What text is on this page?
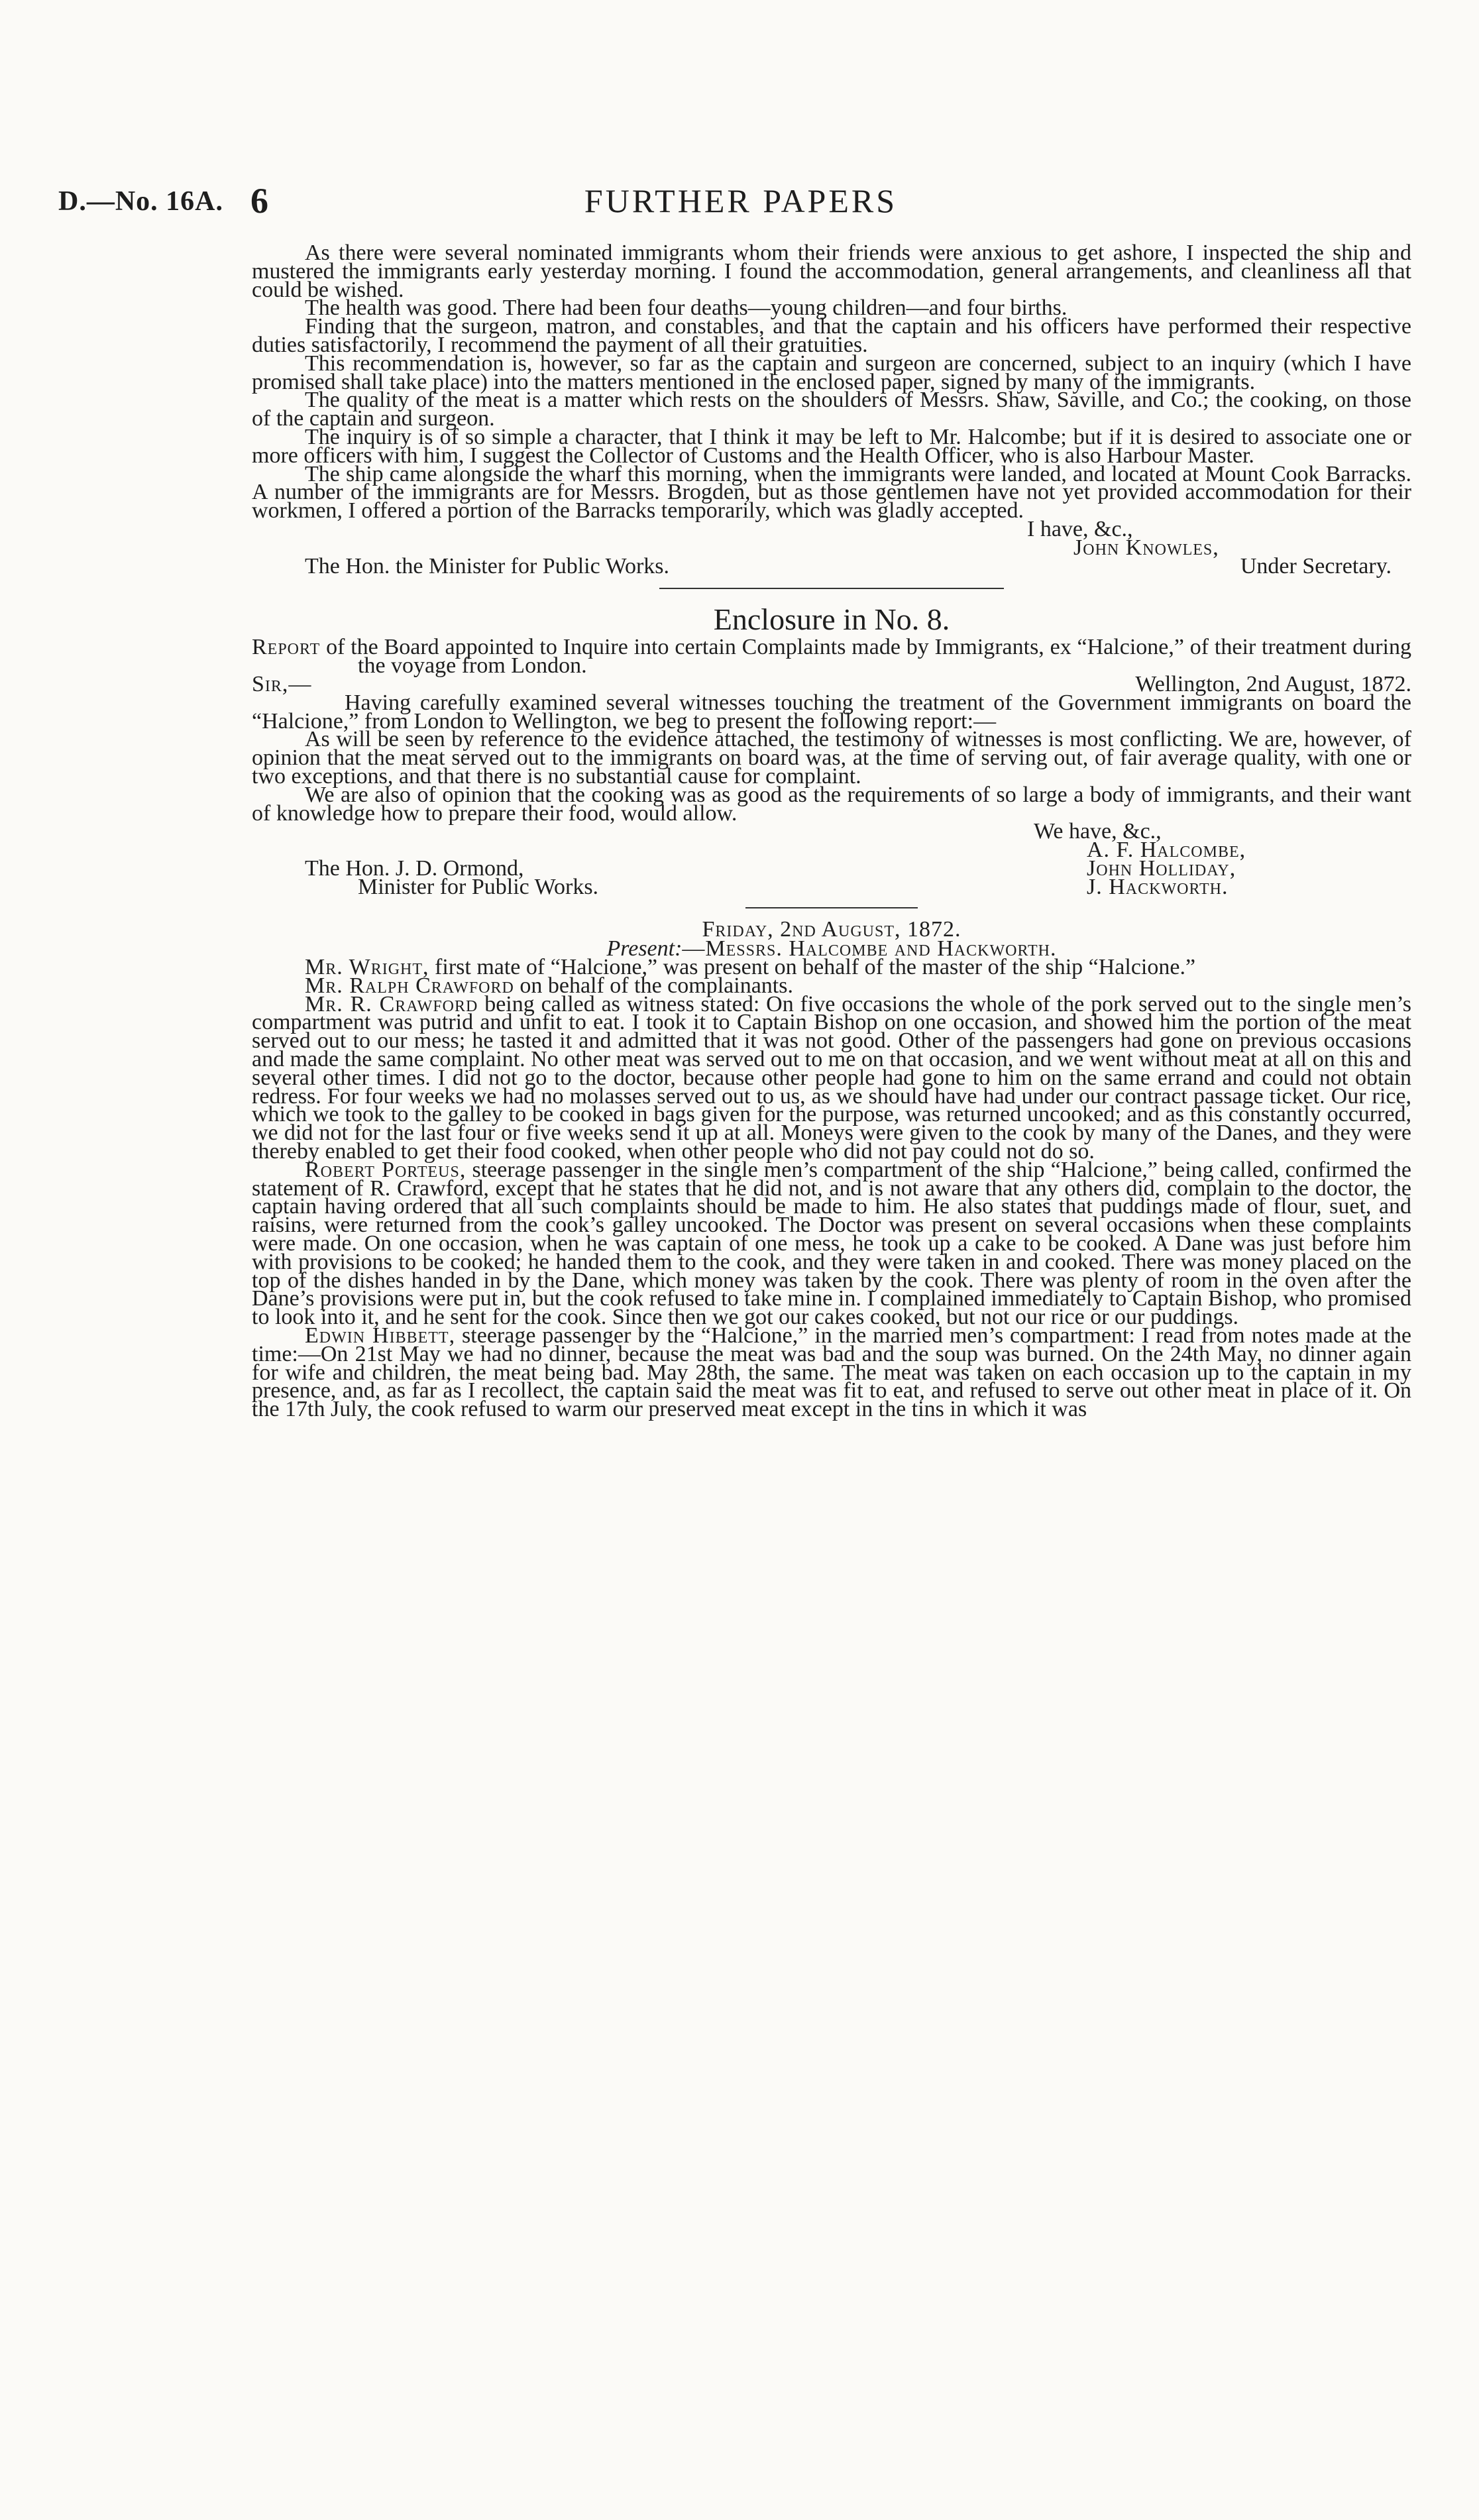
D.—No. 16A. 6	FURTHER PAPERS

As there were several nominated immigrants whom their friends were anxious to get ashore, I inspected the ship and mustered the immigrants early yesterday morning. I found the accommodation, general arrangements, and cleanliness all that could be wished.

The health was good. There had been four deaths—young children—and four births.

Finding that the surgeon, matron, and constables, and that the captain and his officers have performed their respective duties satisfactorily, I recommend the payment of all their gratuities.

This recommendation is, however, so far as the captain and surgeon are concerned, subject to an inquiry (which I have promised shall take place) into the matters mentioned in the enclosed paper, signed by many of the immigrants.

The quality of the meat is a matter which rests on the shoulders of Messrs. Shaw, Saville, and Co.; the cooking, on those of the captain and surgeon.

The inquiry is of so simple a character, that I think it may be left to Mr. Halcombe; but if it is desired to associate one or more officers with him, I suggest the Collector of Customs and the Health Officer, who is also Harbour Master.

The ship came alongside the wharf this morning, when the immigrants were landed, and located at Mount Cook Barracks. A number of the immigrants are for Messrs. Brogden, but as those gentlemen have not yet provided accommodation for their workmen, I offered a portion of the Barracks temporarily, which was gladly accepted.

I have, &c.,
John Knowles,
The Hon. the Minister for Public Works.	Under Secretary.
Enclosure in No. 8.

Report of the Board appointed to Inquire into certain Complaints made by Immigrants, ex “Halcione,” of their treatment during the voyage from London.

Sir,—	Wellington, 2nd August, 1872.

Having carefully examined several witnesses touching the treatment of the Government immigrants on board the “Halcione,” from London to Wellington, we beg to present the following report:—

As will be seen by reference to the evidence attached, the testimony of witnesses is most conflicting. We are, however, of opinion that the meat served out to the immigrants on board was, at the time of serving out, of fair average quality, with one or two exceptions, and that there is no substantial cause for complaint.

We are also of opinion that the cooking was as good as the requirements of so large a body of immigrants, and their want of knowledge how to prepare their food, would allow.

We have, &c.,
A. F. Halcombe,
The Hon. J. D. Ormond,	John Holliday,
Minister for Public Works.	J. Hackworth.
Friday, 2nd August, 1872.
Present:—Messrs. Halcombe and Hackworth.

Mr. Wright, first mate of “Halcione,” was present on behalf of the master of the ship “Halcione.”

Mr. Ralph Crawford on behalf of the complainants.

Mr. R. Crawford being called as witness stated: On five occasions the whole of the pork served out to the single men’s compartment was putrid and unfit to eat. I took it to Captain Bishop on one occasion, and showed him the portion of the meat served out to our mess; he tasted it and admitted that it was not good. Other of the passengers had gone on previous occasions and made the same complaint. No other meat was served out to me on that occasion, and we went without meat at all on this and several other times. I did not go to the doctor, because other people had gone to him on the same errand and could not obtain redress. For four weeks we had no molasses served out to us, as we should have had under our contract passage ticket. Our rice, which we took to the galley to be cooked in bags given for the purpose, was returned uncooked; and as this constantly occurred, we did not for the last four or five weeks send it up at all. Moneys were given to the cook by many of the Danes, and they were thereby enabled to get their food cooked, when other people who did not pay could not do so.

Robert Porteus, steerage passenger in the single men’s compartment of the ship “Halcione,” being called, confirmed the statement of R. Crawford, except that he states that he did not, and is not aware that any others did, complain to the doctor, the captain having ordered that all such complaints should be made to him. He also states that puddings made of flour, suet, and raisins, were returned from the cook’s galley uncooked. The Doctor was present on several occasions when these complaints were made. On one occasion, when he was captain of one mess, he took up a cake to be cooked. A Dane was just before him with provisions to be cooked; he handed them to the cook, and they were taken in and cooked. There was money placed on the top of the dishes handed in by the Dane, which money was taken by the cook. There was plenty of room in the oven after the Dane’s provisions were put in, but the cook refused to take mine in. I complained immediately to Captain Bishop, who promised to look into it, and he sent for the cook. Since then we got our cakes cooked, but not our rice or our puddings.

Edwin Hibbett, steerage passenger by the “Halcione,” in the married men’s compartment: I read from notes made at the time:—On 21st May we had no dinner, because the meat was bad and the soup was burned. On the 24th May, no dinner again for wife and children, the meat being bad. May 28th, the same. The meat was taken on each occasion up to the captain in my presence, and, as far as I recollect, the captain said the meat was fit to eat, and refused to serve out other meat in place of it. On the 17th July, the cook refused to warm our preserved meat except in the tins in which it was
